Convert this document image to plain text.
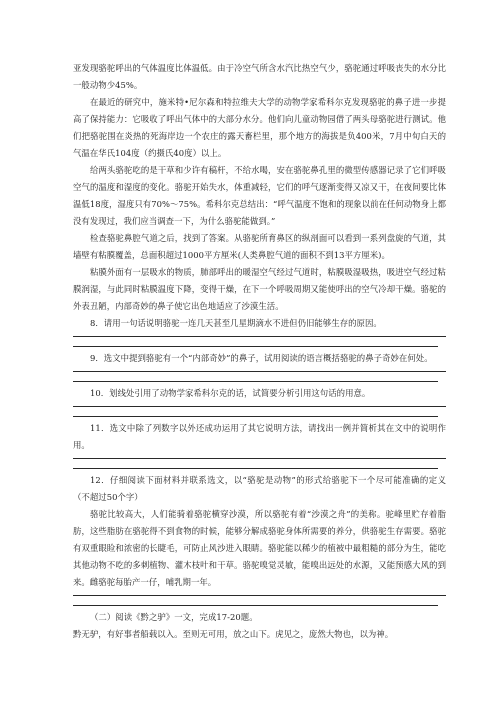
亚发现骆驼呼出的气体温度比体温低。由于冷空气所含水汽比热空气少，骆驼通过呼吸丧失的水分比一般动物少45%。

在最近的研究中，施米特•尼尔森和特拉维夫大学的动物学家希科尔克发现骆驼的鼻子进一步提高了保持能力：它吸收了呼出气体中的大部分水分。他们向儿童动物园借了两头母骆驼进行测试。他们把骆驼围在炎热的死海岸边一个农庄的露天畜栏里，那个地方的海拔是负400米，7月中旬白天的气温在华氏104度（约摄氏40度）以上。

给两头骆驼吃的是干草和少许有稿杆，不给水喝，安在骆驼鼻孔里的微型传感器记录了它们呼吸空气的温度和湿度的变化。骆驼开始失水，体重减轻，它们的呼气逐渐变得又凉又干，在夜间要比体温低18度，湿度只有70%～75%。希科尔克总结出：“呼气温度不饱和的现象以前在任何动物身上都没有发现过，我们应当调查一下，为什么骆驼能做到。”

检查骆驼鼻腔气道之后，找到了答案。从骆驼所育鼻区的纵剖面可以看到一系列盘旋的气道，其墙壁有粘膜覆盖，总面积超过1000平方厘米(人类鼻腔气道的面积不到13平方厘米)。

粘膜外面有一层吸水的物质，肺部呼出的暖湿空气经过气道时，粘膜吸湿吸热，吸进空气经过粘膜润湿，与此同时粘膜温度下降，变得干燥，在下一个呼吸周期又能使呼出的空气冷却干燥。骆驼的外表丑陋，内部奇妙的鼻子使它出色地适应了沙漠生活。

8．请用一句话说明骆驼一连几天甚至几星期滴水不进但仍旧能够生存的原因。

9．选文中提到骆驼有一个“内部奇妙”的鼻子，试用阅读的语言概括骆驼的鼻子奇妙在何处。

10．划线处引用了动物学家希科尔克的话，试简要分析引用这句话的用意。

11．选文中除了列数字以外还成功运用了其它说明方法，请找出一例并简析其在文中的说明作用。

12．仔细阅读下面材料并联系选文，以“骆驼是动物”的形式给骆驼下一个尽可能准确的定义（不超过50个字）

骆驼比较高大，人们能骑着骆驼横穿沙漠，所以骆驼有着“沙漠之舟”的美称。驼峰里贮存着脂肪，这些脂肪在骆驼得不到食物的时候，能够分解成骆驼身体所需要的养分，供骆驼生存需要。骆驼有双重眼睑和浓密的长睫毛，可防止风沙进入眼睛。骆驼能以稀少的植被中最粗糙的部分为生，能吃其他动物不吃的多刺植物、灌木枝叶和干草。骆驼嗅觉灵敏，能嗅出远处的水源，又能预感大风的到来。雌骆驼每胎产一仔，哺乳期一年。

（二）阅读《黔之驴》一文，完成17-20题。

黔无驴，有好事者船载以入。至则无可用，放之山下。虎见之，庞然大物也，以为神。
